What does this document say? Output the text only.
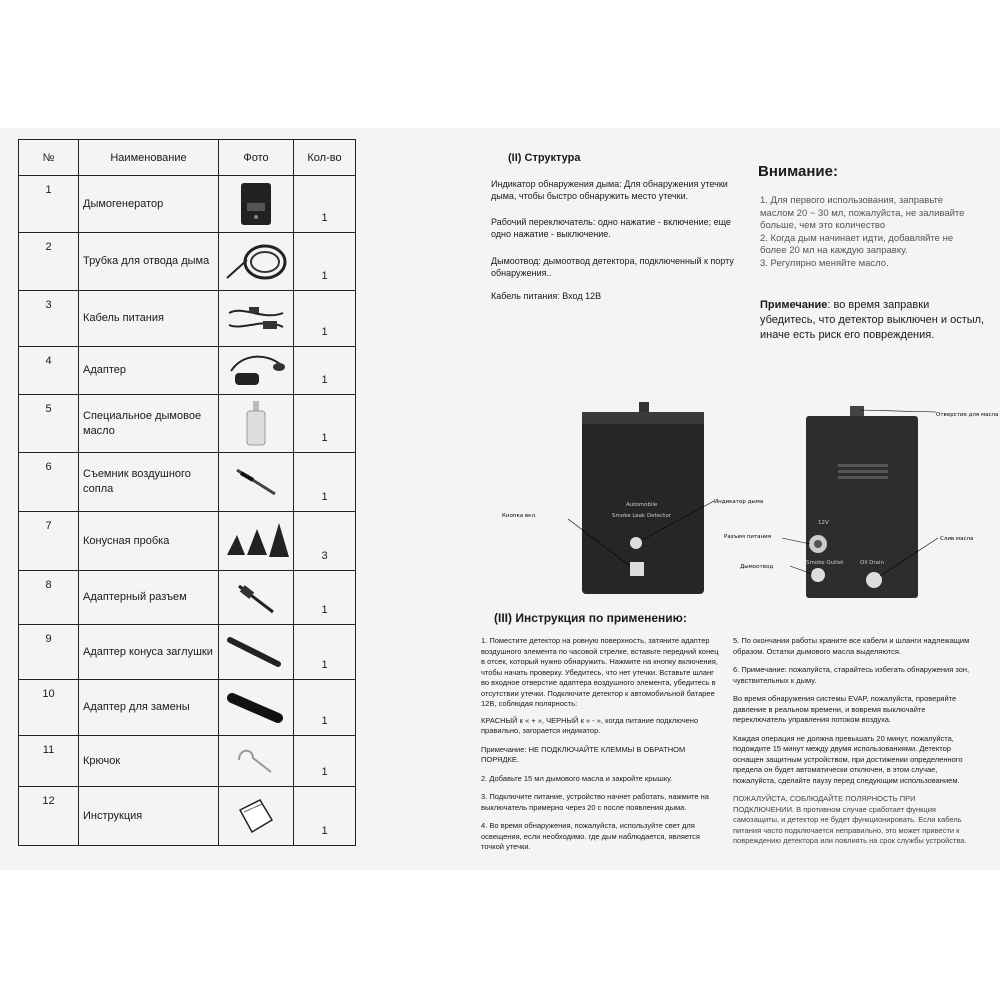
№	Наименование	Фото	Кол-во
1	Дымогенератор		1
2	Трубка для отвода дыма		1
3	Кабель питания		1
4	Адаптер		1
5	Специальное дымовое масло		1
6	Съемник воздушного сопла		1
7	Конусная пробка		3
8	Адаптерный разъем		1
9	Адаптер конуса заглушки		1
10	Адаптер для замены		1
11	Крючок		1
12	Инструкция		1
(II) Структура
Индикатор обнаружения дыма: Для обнаружения утечки дыма, чтобы быстро обнаружить место утечки.
Рабочий переключатель: одно нажатие - включение; еще одно нажатие - выключение.
Дымоотвод: дымоотвод детектора, подключенный к порту обнаружения..
Кабель питания: Вход 12В
Внимание:
1. Для первого использования, заправьте маслом 20 ~ 30 мл, пожалуйста, не заливайте больше, чем это количество
2. Когда дым начинает идти, добавляйте не более 20 мл на каждую заправку.
3. Регулярно меняйте масло.
Примечание: во время заправки убедитесь, что детектор выключен и остыл, иначе есть риск его повреждения.
Automobile
Smoke Leak Detector
Кнопка вкл.
Индикатор дыма
12V
Smoke Outlet	Oil Drain
Отверстие для масла
Разъем питания
Дымоотвод
Слив масла
(III) Инструкция по применению:
1. Поместите детектор на ровную поверхность, затяните адаптер воздушного элемента по часовой стрелке, вставьте передний конец в отсек, который нужно обнаружить. Нажмите на кнопку включения, чтобы начать проверку. Убедитесь, что нет утечки. Вставьте шланг во входное отверстие адаптера воздушного элемента, убедитесь в отсутствии утечки. Подключите детектор к автомобильной батарее 12В, соблюдая полярность:
КРАСНЫЙ к « + », ЧЕРНЫЙ к « - », когда питание подключено правильно, загорается индикатор.
Примечание: НЕ ПОДКЛЮЧАЙТЕ КЛЕММЫ В ОБРАТНОМ ПОРЯДКЕ.
2. Добавьте 15 мл дымового масла и закройте крышку.
3. Подключите питание, устройство начнет работать, нажмите на выключатель примерно через 20 с после появления дыма.
4. Во время обнаружения, пожалуйста, используйте свет для освещения, если необходимо. где дым наблюдается, является точкой утечки.
5. По окончании работы храните все кабели и шланги надлежащим образом. Остатки дымового масла выделяются.
6. Примечание: пожалуйста, старайтесь избегать обнаружения зон, чувствительных к дыму.
Во время обнаружения системы EVAP, пожалуйста, проверяйте давление в реальном времени, и вовремя выключайте переключатель управления потоком воздуха.
Каждая операция не должна превышать 20 минут, пожалуйста, подождите 15 минут между двумя использованиями. Детектор оснащен защитным устройством, при достижении определенного предела он будет автоматически отключен, в этом случае, пожалуйста, сделайте паузу перед следующим использованием.
ПОЖАЛУЙСТА, СОБЛЮДАЙТЕ ПОЛЯРНОСТЬ ПРИ ПОДКЛЮЧЕНИИ. В противном случае сработает функция самозащиты, и детектор не будет функционировать. Если кабель питания часто подключается неправильно, это может привести к повреждению детектора или повлиять на срок службы устройства.
